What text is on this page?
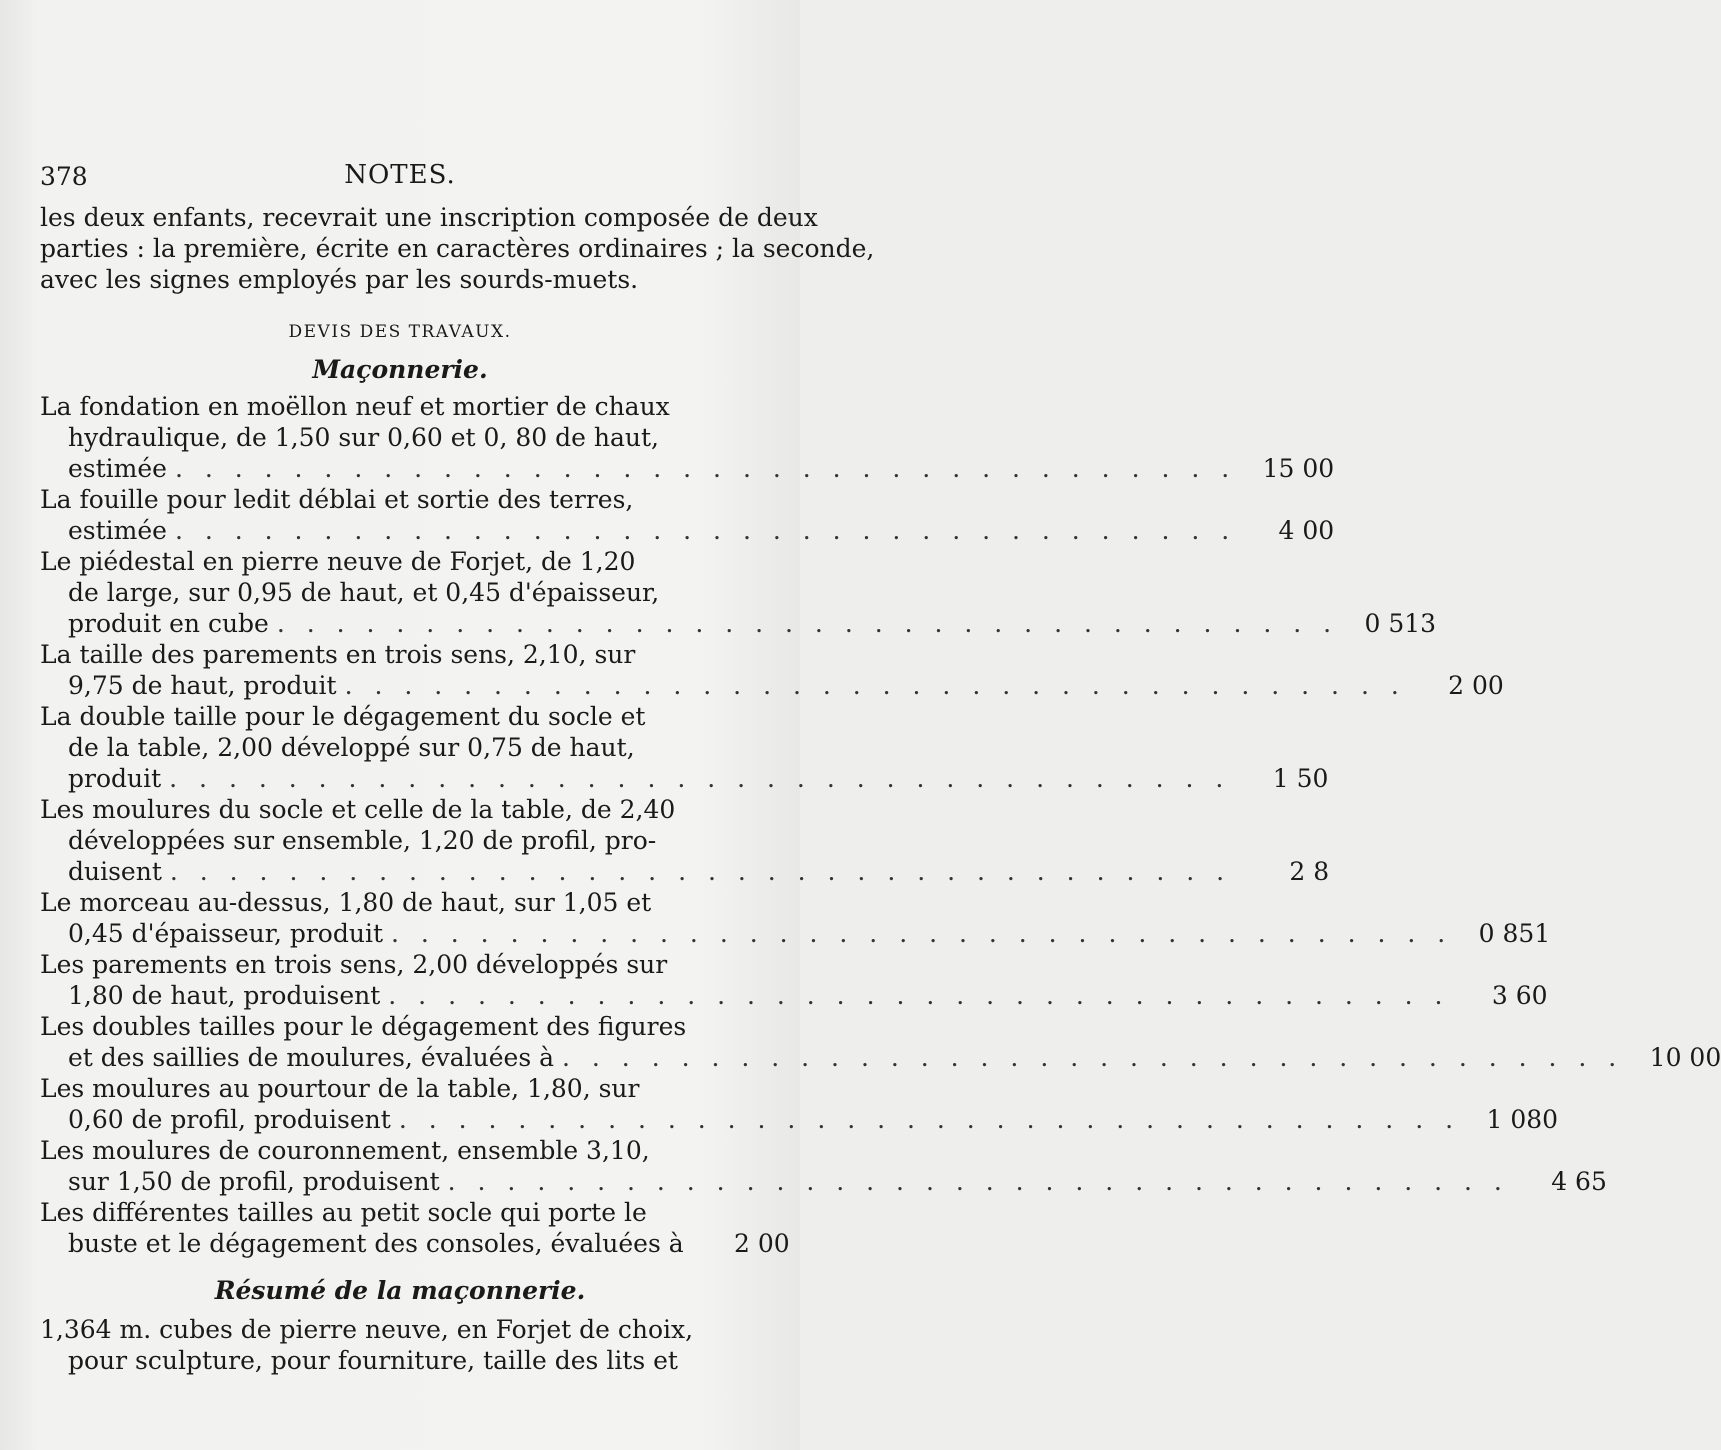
378	NOTES.
les deux enfants, recevrait une inscription composée de deux
parties : la première, écrite en caractères ordinaires ; la seconde,
avec les signes employés par les sourds-muets.
DEVIS DES TRAVAUX.
Maçonnerie.
La fondation en moëllon neuf et mortier de chaux
hydraulique, de 1,50 sur 0,60 et 0, 80 de haut,
estimée . . . . . . . . . . . . . . . . . . . . . . . . . . . . . . . . . . . .	15 00
La fouille pour ledit déblai et sortie des terres,
estimée . . . . . . . . . . . . . . . . . . . . . . . . . . . . . . . . . . . .	4 00
Le piédestal en pierre neuve de Forjet, de 1,20
de large, sur 0,95 de haut, et 0,45 d'épaisseur,
produit en cube . . . . . . . . . . . . . . . . . . . . . . . . . . . . . . . . . . . .	0 513
La taille des parements en trois sens, 2,10, sur
9,75 de haut, produit . . . . . . . . . . . . . . . . . . . . . . . . . . . . . . . . . . . .	2 00
La double taille pour le dégagement du socle et
de la table, 2,00 développé sur 0,75 de haut,
produit . . . . . . . . . . . . . . . . . . . . . . . . . . . . . . . . . . . .	1 50
Les moulures du socle et celle de la table, de 2,40
développées sur ensemble, 1,20 de profil, pro-
duisent . . . . . . . . . . . . . . . . . . . . . . . . . . . . . . . . . . . .	2 8
Le morceau au-dessus, 1,80 de haut, sur 1,05 et
0,45 d'épaisseur, produit . . . . . . . . . . . . . . . . . . . . . . . . . . . . . . . . . . . .	0 851
Les parements en trois sens, 2,00 développés sur
1,80 de haut, produisent . . . . . . . . . . . . . . . . . . . . . . . . . . . . . . . . . . . .	3 60
Les doubles tailles pour le dégagement des figures
et des saillies de moulures, évaluées à . . . . . . . . . . . . . . . . . . . . . . . . . . . . . . . . . . . .	10 00
Les moulures au pourtour de la table, 1,80, sur
0,60 de profil, produisent . . . . . . . . . . . . . . . . . . . . . . . . . . . . . . . . . . . .	1 080
Les moulures de couronnement, ensemble 3,10,
sur 1,50 de profil, produisent . . . . . . . . . . . . . . . . . . . . . . . . . . . . . . . . . . . .	4 65
Les différentes tailles au petit socle qui porte le
buste et le dégagement des consoles, évaluées à	2 00
Résumé de la maçonnerie.
1,364 m. cubes de pierre neuve, en Forjet de choix,
pour sculpture, pour fourniture, taille des lits et
